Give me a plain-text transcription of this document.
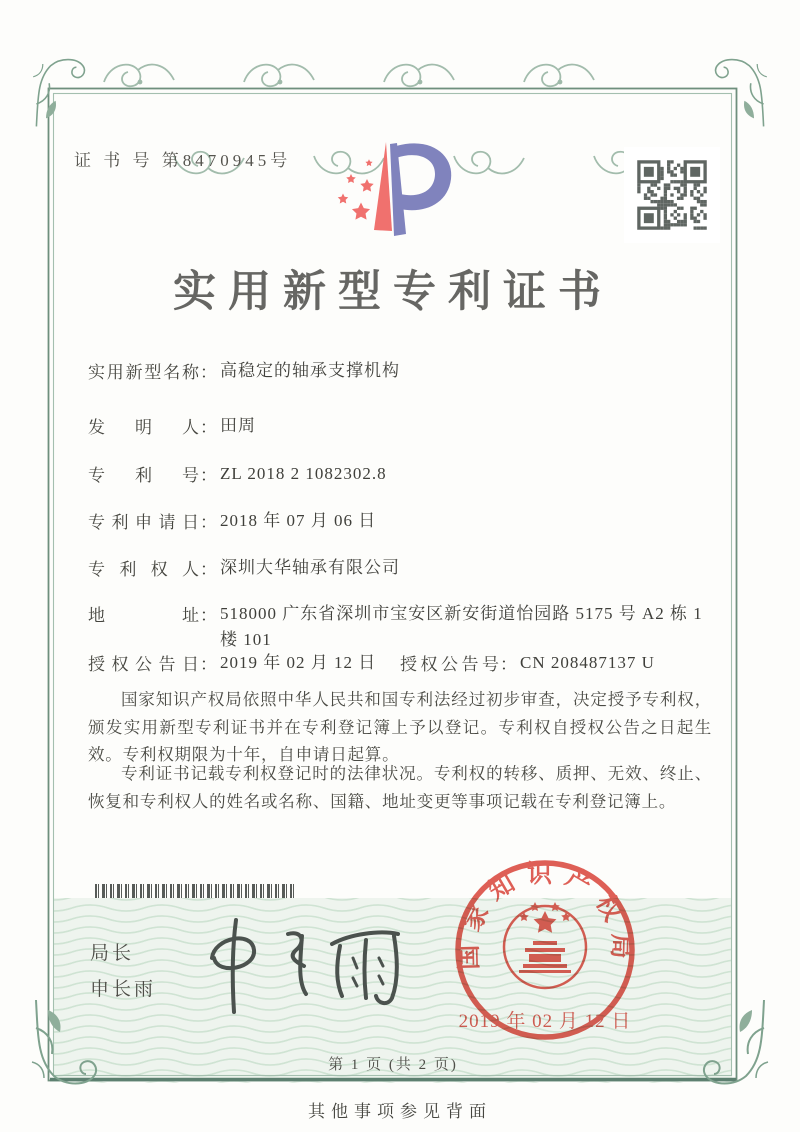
证 书 号 第8470945号
实用新型专利证书
实用新型名称 ： 高稳定的轴承支撑机构
发明人 ： 田周
专利号 ： ZL 2018 2 1082302.8
专利申请日 ： 2018 年 07 月 06 日
专利权人 ： 深圳大华轴承有限公司
地址 ： 518000 广东省深圳市宝安区新安街道怡园路 5175 号 A2 栋 1楼 101
授权公告日 ： 2019 年 02 月 12 日 授权公告号 ： CN 208487137 U
国家知识产权局依照中华人民共和国专利法经过初步审查，决定授予专利权，颁发实用新型专利证书并在专利登记簿上予以登记。专利权自授权公告之日起生效。专利权期限为十年，自申请日起算。
专利证书记载专利权登记时的法律状况。专利权的转移、质押、无效、终止、恢复和专利权人的姓名或名称、国籍、地址变更等事项记载在专利登记簿上。
局长
申长雨
国家知识产权局
2019 年 02 月 12 日
第 1 页 (共 2 页)
其他事项参见背面
